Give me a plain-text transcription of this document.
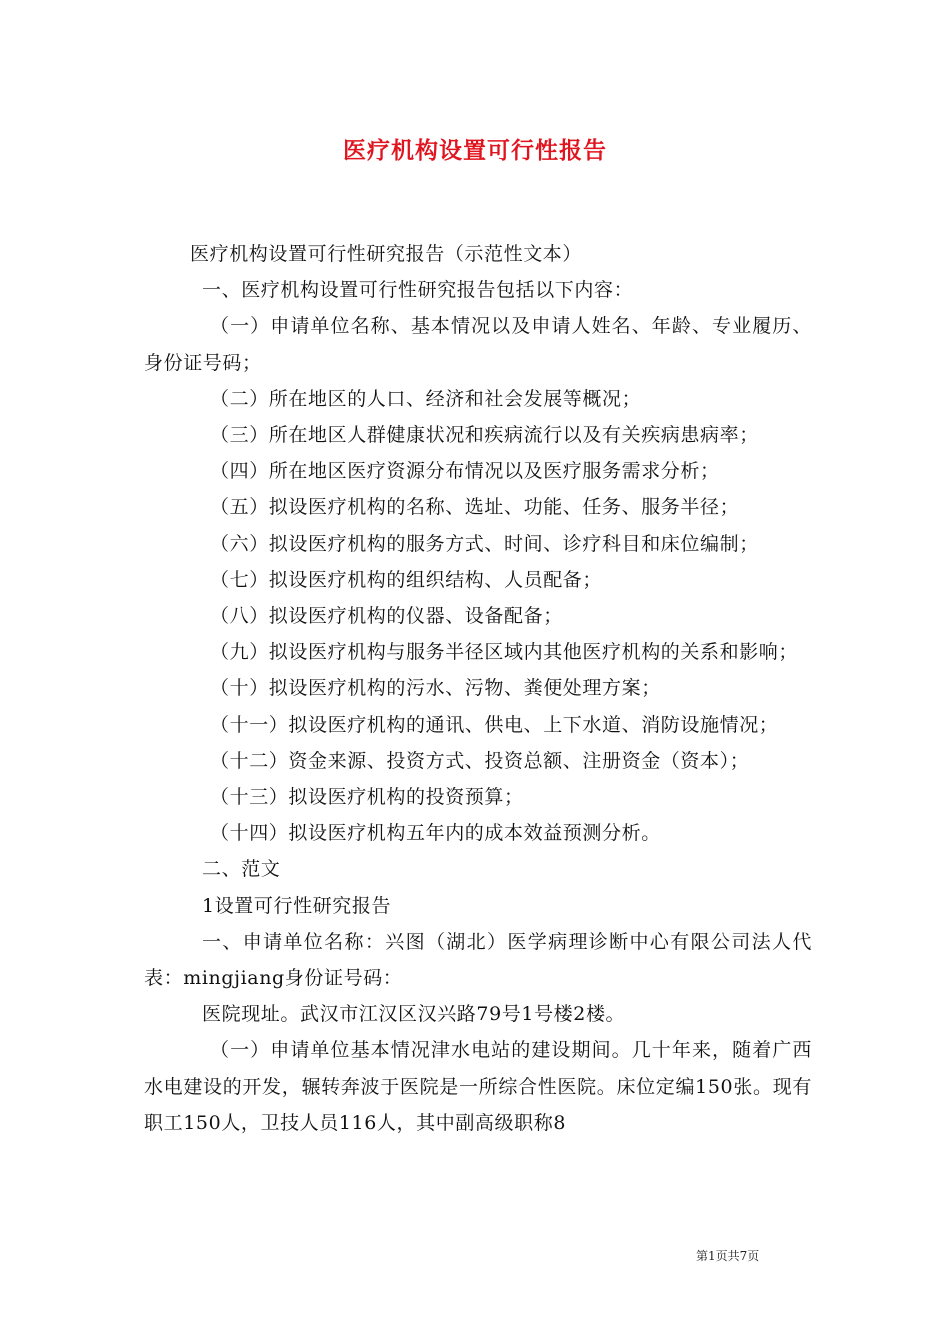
医疗机构设置可行性报告

医疗机构设置可行性研究报告（示范性文本）

一、医疗机构设置可行性研究报告包括以下内容：

（一）申请单位名称、基本情况以及申请人姓名、年龄、专业履历、身份证号码；

（二）所在地区的人口、经济和社会发展等概况；

（三）所在地区人群健康状况和疾病流行以及有关疾病患病率；

（四）所在地区医疗资源分布情况以及医疗服务需求分析；

（五）拟设医疗机构的名称、选址、功能、任务、服务半径；

（六）拟设医疗机构的服务方式、时间、诊疗科目和床位编制；

（七）拟设医疗机构的组织结构、人员配备；

（八）拟设医疗机构的仪器、设备配备；

（九）拟设医疗机构与服务半径区域内其他医疗机构的关系和影响；

（十）拟设医疗机构的污水、污物、粪便处理方案；

（十一）拟设医疗机构的通讯、供电、上下水道、消防设施情况；

（十二）资金来源、投资方式、投资总额、注册资金（资本）；

（十三）拟设医疗机构的投资预算；

（十四）拟设医疗机构五年内的成本效益预测分析。

二、范文

1设置可行性研究报告

一、申请单位名称：兴图（湖北）医学病理诊断中心有限公司法人代表：mingjiang身份证号码：

医院现址。武汉市江汉区汉兴路79号1号楼2楼。

（一）申请单位基本情况津水电站的建设期间。几十年来，随着广西水电建设的开发，辗转奔波于医院是一所综合性医院。床位定编150张。现有职工150人，卫技人员116人，其中副高级职称8

第1页共7页
